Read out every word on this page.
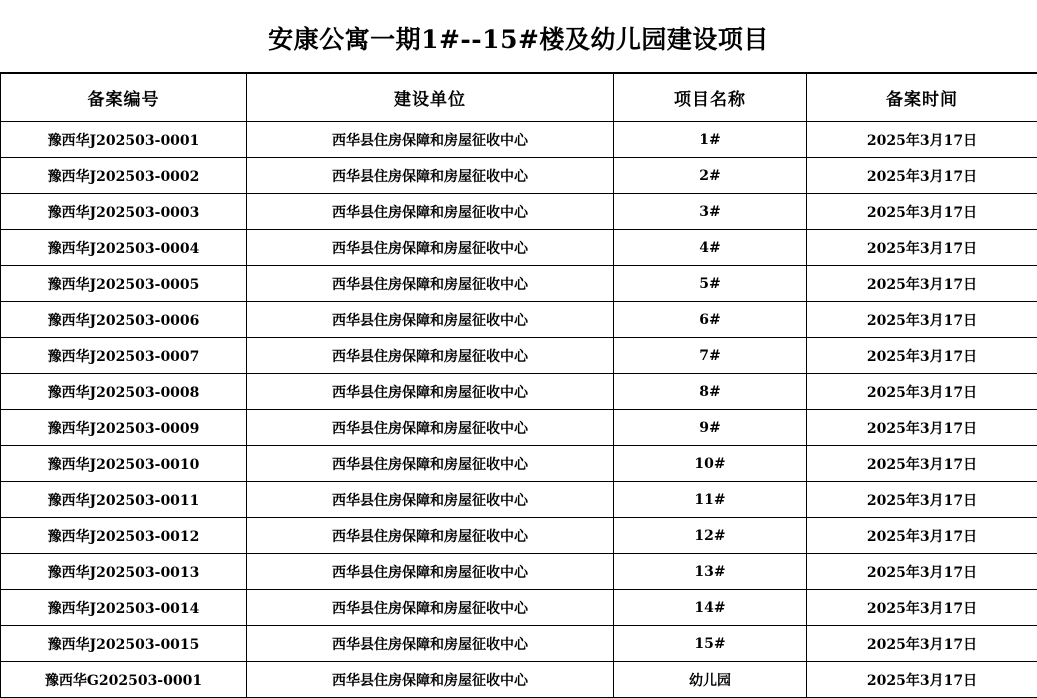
安康公寓一期1#--15#楼及幼儿园建设项目
备案编号	建设单位	项目名称	备案时间
豫西华J202503-0001	西华县住房保障和房屋征收中心	1#	2025年3月17日
豫西华J202503-0002	西华县住房保障和房屋征收中心	2#	2025年3月17日
豫西华J202503-0003	西华县住房保障和房屋征收中心	3#	2025年3月17日
豫西华J202503-0004	西华县住房保障和房屋征收中心	4#	2025年3月17日
豫西华J202503-0005	西华县住房保障和房屋征收中心	5#	2025年3月17日
豫西华J202503-0006	西华县住房保障和房屋征收中心	6#	2025年3月17日
豫西华J202503-0007	西华县住房保障和房屋征收中心	7#	2025年3月17日
豫西华J202503-0008	西华县住房保障和房屋征收中心	8#	2025年3月17日
豫西华J202503-0009	西华县住房保障和房屋征收中心	9#	2025年3月17日
豫西华J202503-0010	西华县住房保障和房屋征收中心	10#	2025年3月17日
豫西华J202503-0011	西华县住房保障和房屋征收中心	11#	2025年3月17日
豫西华J202503-0012	西华县住房保障和房屋征收中心	12#	2025年3月17日
豫西华J202503-0013	西华县住房保障和房屋征收中心	13#	2025年3月17日
豫西华J202503-0014	西华县住房保障和房屋征收中心	14#	2025年3月17日
豫西华J202503-0015	西华县住房保障和房屋征收中心	15#	2025年3月17日
豫西华G202503-0001	西华县住房保障和房屋征收中心	幼儿园	2025年3月17日
